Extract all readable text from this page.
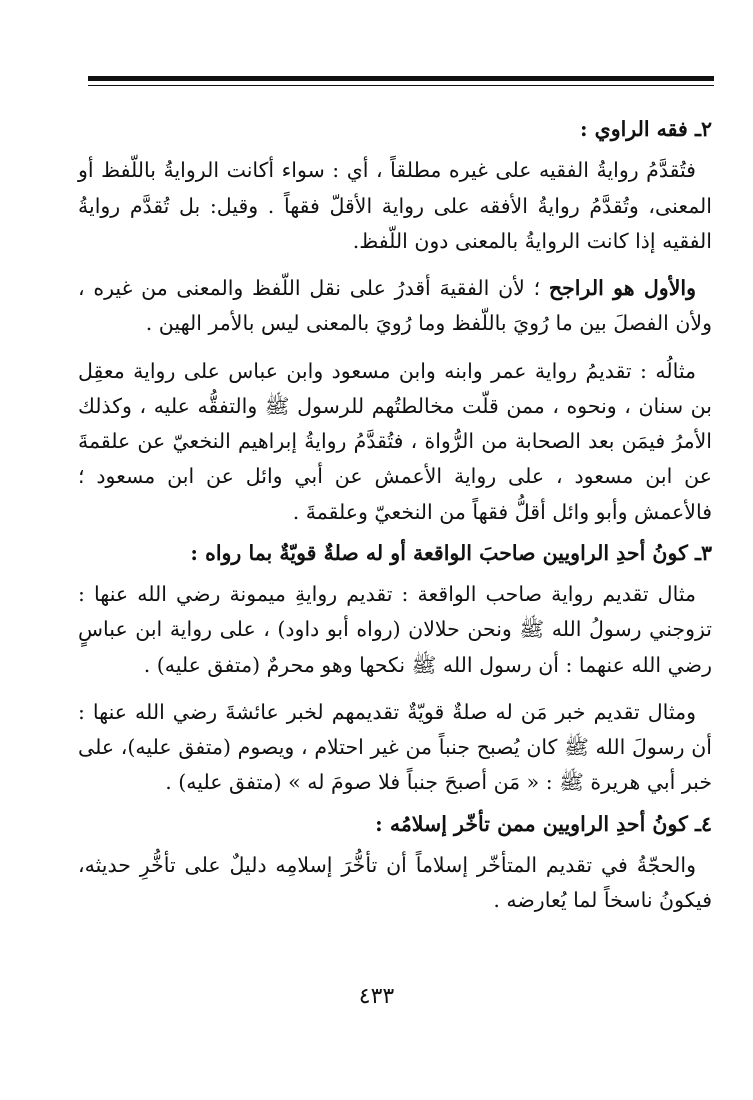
٢ـ فقه الراوي :

فتُقدَّمُ روايةُ الفقيه على غيره مطلقاً ، أي : سواء أكانت الروايةُ باللّفظ أو المعنى، وتُقدَّمُ روايةُ الأفقه على رواية الأقلّ فقهاً . وقيل: بل تُقدَّم روايةُ الفقيه إذا كانت الروايةُ بالمعنى دون اللّفظ.

والأول هو الراجح ؛ لأن الفقيهَ أقدرُ على نقل اللّفظ والمعنى من غيره ، ولأن الفصلَ بين ما رُويَ باللّفظ وما رُويَ بالمعنى ليس بالأمر الهين .

مثالُه : تقديمُ رواية عمر وابنه وابن مسعود وابن عباس على رواية معقِل بن سنان ، ونحوه ، ممن قلّت مخالطتُهم للرسول ﷺ والتفقُّه عليه ، وكذلك الأمرُ فيمَن بعد الصحابة من الرُّواة ، فتُقدَّمُ روايةُ إبراهيم النخعيّ عن علقمةَ عن ابن مسعود ، على رواية الأعمش عن أبي وائل عن ابن مسعود ؛ فالأعمش وأبو وائل أقلُّ فقهاً من النخعيّ وعلقمةَ .

٣ـ كونُ أحدِ الراويين صاحبَ الواقعة أو له صلةٌ قويّةٌ بما رواه :

مثال تقديم رواية صاحب الواقعة : تقديم روايةِ ميمونة رضي الله عنها : تزوجني رسولُ الله ﷺ ونحن حلالان (رواه أبو داود) ، على رواية ابن عباسٍ رضي الله عنهما : أن رسول الله ﷺ نكحها وهو محرمٌ (متفق عليه) .

ومثال تقديم خبر مَن له صلةٌ قويّةٌ تقديمهم لخبر عائشةَ رضي الله عنها : أن رسولَ الله ﷺ كان يُصبح جنباً من غير احتلام ، ويصوم (متفق عليه)، على خبر أبي هريرة ﷺ : « مَن أصبحَ جنباً فلا صومَ له » (متفق عليه) .

٤ـ كونُ أحدِ الراويين ممن تأخّر إسلامُه :

والحجّةُ في تقديم المتأخّر إسلاماً أن تأخُّرَ إسلامِه دليلٌ على تأخُّرِ حديثه، فيكونُ ناسخاً لما يُعارضه .

٤٣٣
